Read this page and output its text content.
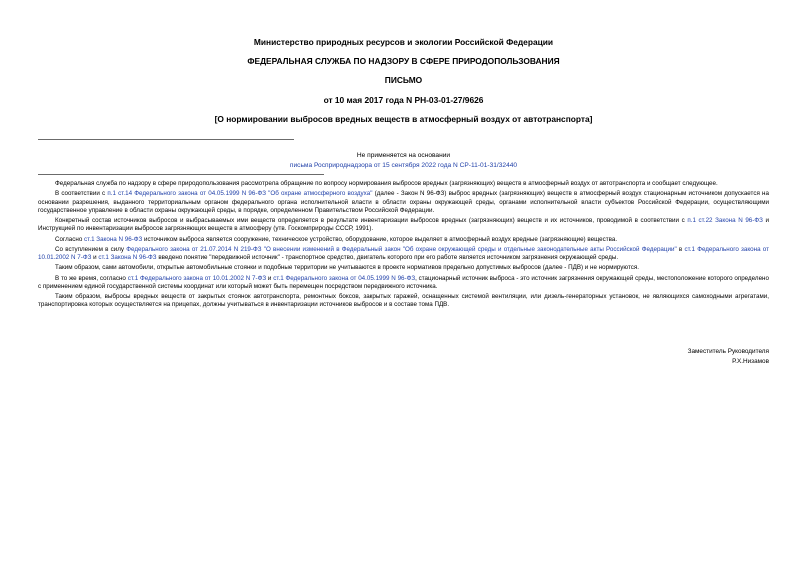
Министерство природных ресурсов и экологии Российской Федерации
ФЕДЕРАЛЬНАЯ СЛУЖБА ПО НАДЗОРУ В СФЕРЕ ПРИРОДОПОЛЬЗОВАНИЯ
ПИСЬМО
от 10 мая 2017 года N РН-03-01-27/9626
[О нормировании выбросов вредных веществ в атмосферный воздух от автотранспорта]
Не применяется на основании
письма Росприроднадзора от 15 сентября 2022 года N СР-11-01-31/32440

Федеральная служба по надзору в сфере природопользования рассмотрела обращение по вопросу нормирования выбросов вредных (загрязняющих) веществ в атмосферный воздух от автотранспорта и сообщает следующее.

В соответствии с п.1 ст.14 Федерального закона от 04.05.1999 N 96-ФЗ "Об охране атмосферного воздуха" (далее - Закон N 96-ФЗ) выброс вредных (загрязняющих) веществ в атмосферный воздух стационарным источником допускается на основании разрешения, выданного территориальным органом федерального органа исполнительной власти в области охраны окружающей среды, органами исполнительной власти субъектов Российской Федерации, осуществляющими государственное управление в области охраны окружающей среды, в порядке, определенном Правительством Российской Федерации.

Конкретный состав источников выбросов и выбрасываемых ими веществ определяется в результате инвентаризации выбросов вредных (загрязняющих) веществ и их источников, проводимой в соответствии с п.1 ст.22 Закона N 96-ФЗ и Инструкцией по инвентаризации выбросов загрязняющих веществ в атмосферу (утв. Госкомприроды СССР, 1991).

Согласно ст.1 Закона N 96-ФЗ источником выброса является сооружение, техническое устройство, оборудование, которое выделяет в атмосферный воздух вредные (загрязняющие) вещества.

Со вступлением в силу Федерального закона от 21.07.2014 N 219-ФЗ "О внесении изменений в Федеральный закон "Об охране окружающей среды и отдельные законодательные акты Российской Федерации" в ст.1 Федерального закона от 10.01.2002 N 7-ФЗ и ст.1 Закона N 96-ФЗ введено понятие "передвижной источник" - транспортное средство, двигатель которого при его работе является источником загрязнения окружающей среды.

Таким образом, сами автомобили, открытые автомобильные стоянки и подобные территории не учитываются в проекте нормативов предельно допустимых выбросов (далее - ПДВ) и не нормируются.

В то же время, согласно ст.1 Федерального закона от 10.01.2002 N 7-ФЗ и ст.1 Федерального закона от 04.05.1999 N 96-ФЗ, стационарный источник выброса - это источник загрязнения окружающей среды, местоположение которого определено с применением единой государственной системы координат или который может быть перемещен посредством передвижного источника.

Таким образом, выбросы вредных веществ от закрытых стоянок автотранспорта, ремонтных боксов, закрытых гаражей, оснащенных системой вентиляции, или дизель-генераторных установок, не являющихся самоходными агрегатами, транспортировка которых осуществляется на прицепах, должны учитываться в инвентаризации источников выбросов и в составе тома ПДВ.

Заместитель Руководителя
Р.Х.Низамов
